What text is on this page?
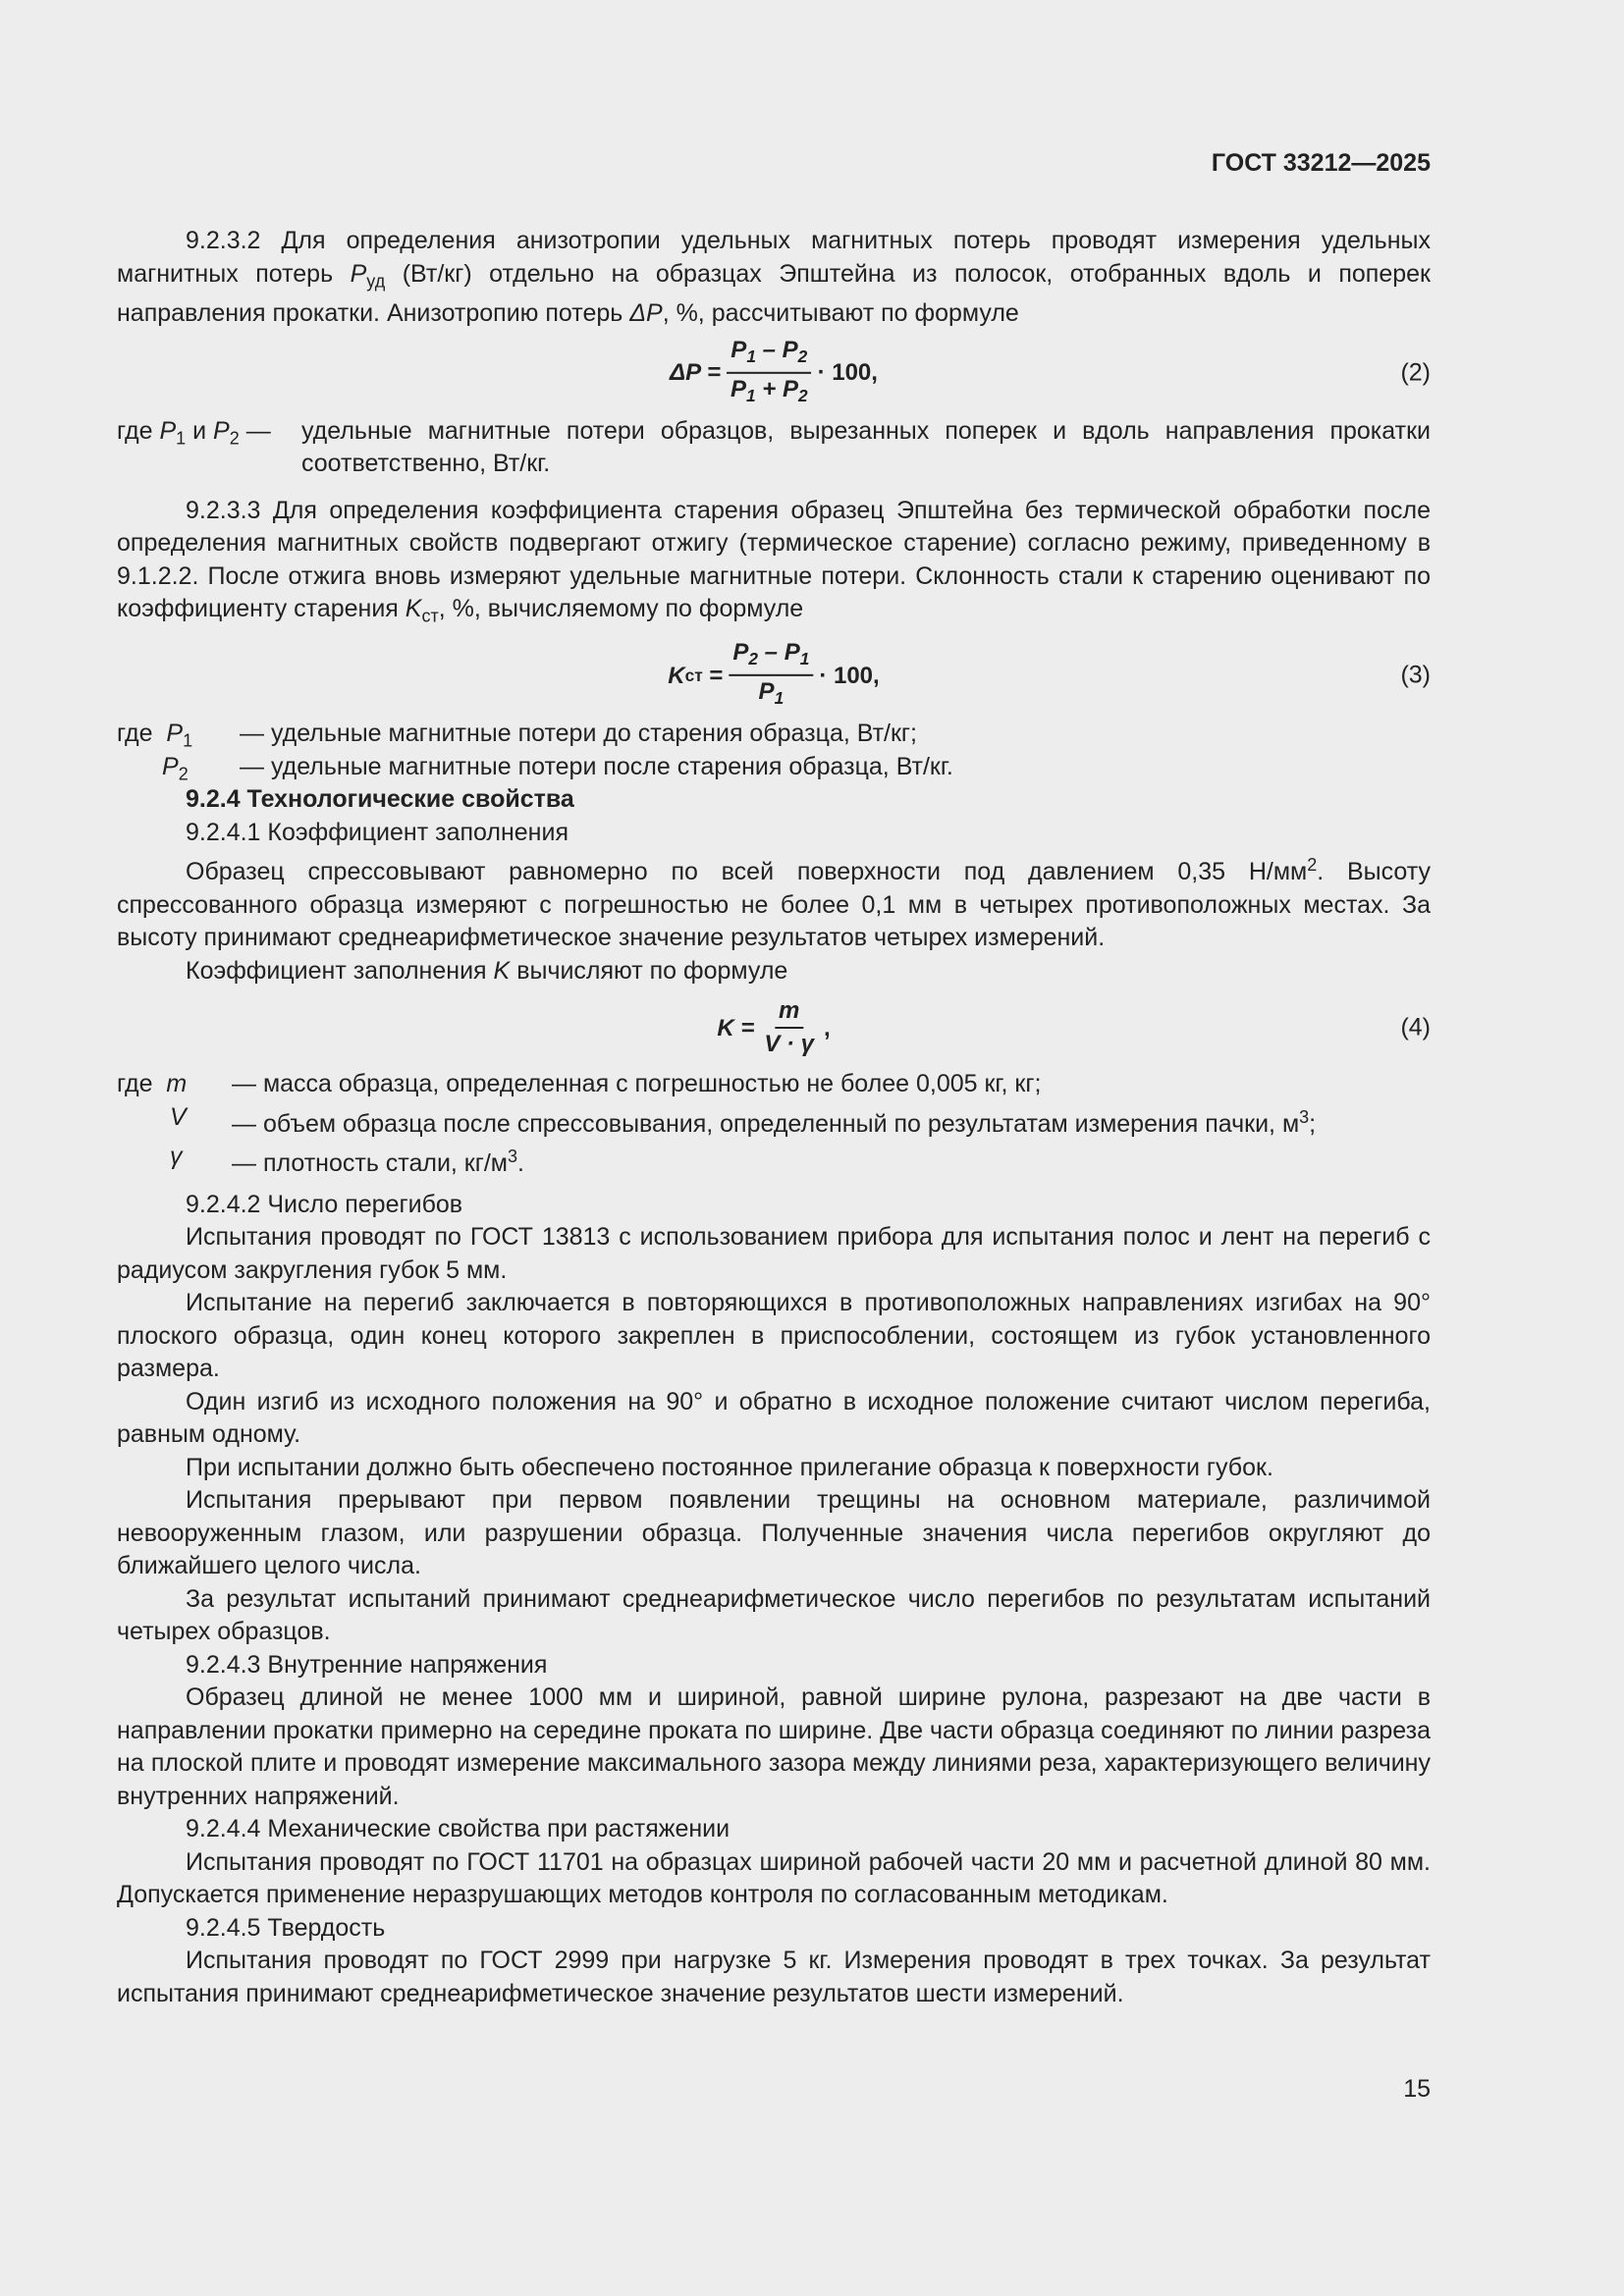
ГОСТ 33212—2025

9.2.3.2 Для определения анизотропии удельных магнитных потерь проводят измерения удельных магнитных потерь $P_{уд}$ (Вт/кг) отдельно на образцах Эпштейна из полосок, отобранных вдоль и поперек направления прокатки. Анизотропию потерь ΔP, %, рассчитывают по формуле

$\Delta P = \frac{P_1 - P_2}{P_1 + P_2} \cdot 100$,	(2)
где $P_1$ и $P_2$ — удельные магнитные потери образцов, вырезанных поперек и вдоль направления прокатки соответственно, Вт/кг.

9.2.3.3 Для определения коэффициента старения образец Эпштейна без термической обработки после определения магнитных свойств подвергают отжигу (термическое старение) согласно режиму, приведенному в 9.1.2.2. После отжига вновь измеряют удельные магнитные потери. Склонность стали к старению оценивают по коэффициенту старения $K_{ст}$, %, вычисляемому по формуле

K ст
= $\frac{P_2 - P_1}{P_1} \cdot 100$,	(3)
где $P_1$ — удельные магнитные потери до старения образца, Вт/кг;

$P_2$ — удельные магнитные потери после старения образца, Вт/кг.

9.2.4 Технологические свойства

9.2.4.1 Коэффициент заполнения

Образец спрессовывают равномерно по всей поверхности под давлением 0,35 $Н/мм^2$. Высоту спрессованного образца измеряют с погрешностью не более 0,1 мм в четырех противоположных местах. За высоту принимают среднеарифметическое значение результатов четырех измерений.

Коэффициент заполнения K вычисляют по формуле

$K = \frac{m}{V \cdot \gamma}$ ,	(4)
где m — масса образца, определенная с погрешностью не более 0,005 кг, кг;

V — объем образца после спрессовывания, определенный по результатам измерения пачки, $м^3$;

γ — плотность стали, $кг/м^3$.

9.2.4.2 Число перегибов

Испытания проводят по ГОСТ 13813 с использованием прибора для испытания полос и лент на перегиб с радиусом закругления губок 5 мм.

Испытание на перегиб заключается в повторяющихся в противоположных направлениях изгибах на 90° плоского образца, один конец которого закреплен в приспособлении, состоящем из губок установленного размера.

Один изгиб из исходного положения на 90° и обратно в исходное положение считают числом перегиба, равным одному.

При испытании должно быть обеспечено постоянное прилегание образца к поверхности губок.

Испытания прерывают при первом появлении трещины на основном материале, различимой невооруженным глазом, или разрушении образца. Полученные значения числа перегибов округляют до ближайшего целого числа.

За результат испытаний принимают среднеарифметическое число перегибов по результатам испытаний четырех образцов.

9.2.4.3 Внутренние напряжения

Образец длиной не менее 1000 мм и шириной, равной ширине рулона, разрезают на две части в направлении прокатки примерно на середине проката по ширине. Две части образца соединяют по линии разреза на плоской плите и проводят измерение максимального зазора между линиями реза, характеризующего величину внутренних напряжений.

9.2.4.4 Механические свойства при растяжении

Испытания проводят по ГОСТ 11701 на образцах шириной рабочей части 20 мм и расчетной длиной 80 мм. Допускается применение неразрушающих методов контроля по согласованным методикам.

9.2.4.5 Твердость

Испытания проводят по ГОСТ 2999 при нагрузке 5 кг. Измерения проводят в трех точках. За результат испытания принимают среднеарифметическое значение результатов шести измерений.

15
